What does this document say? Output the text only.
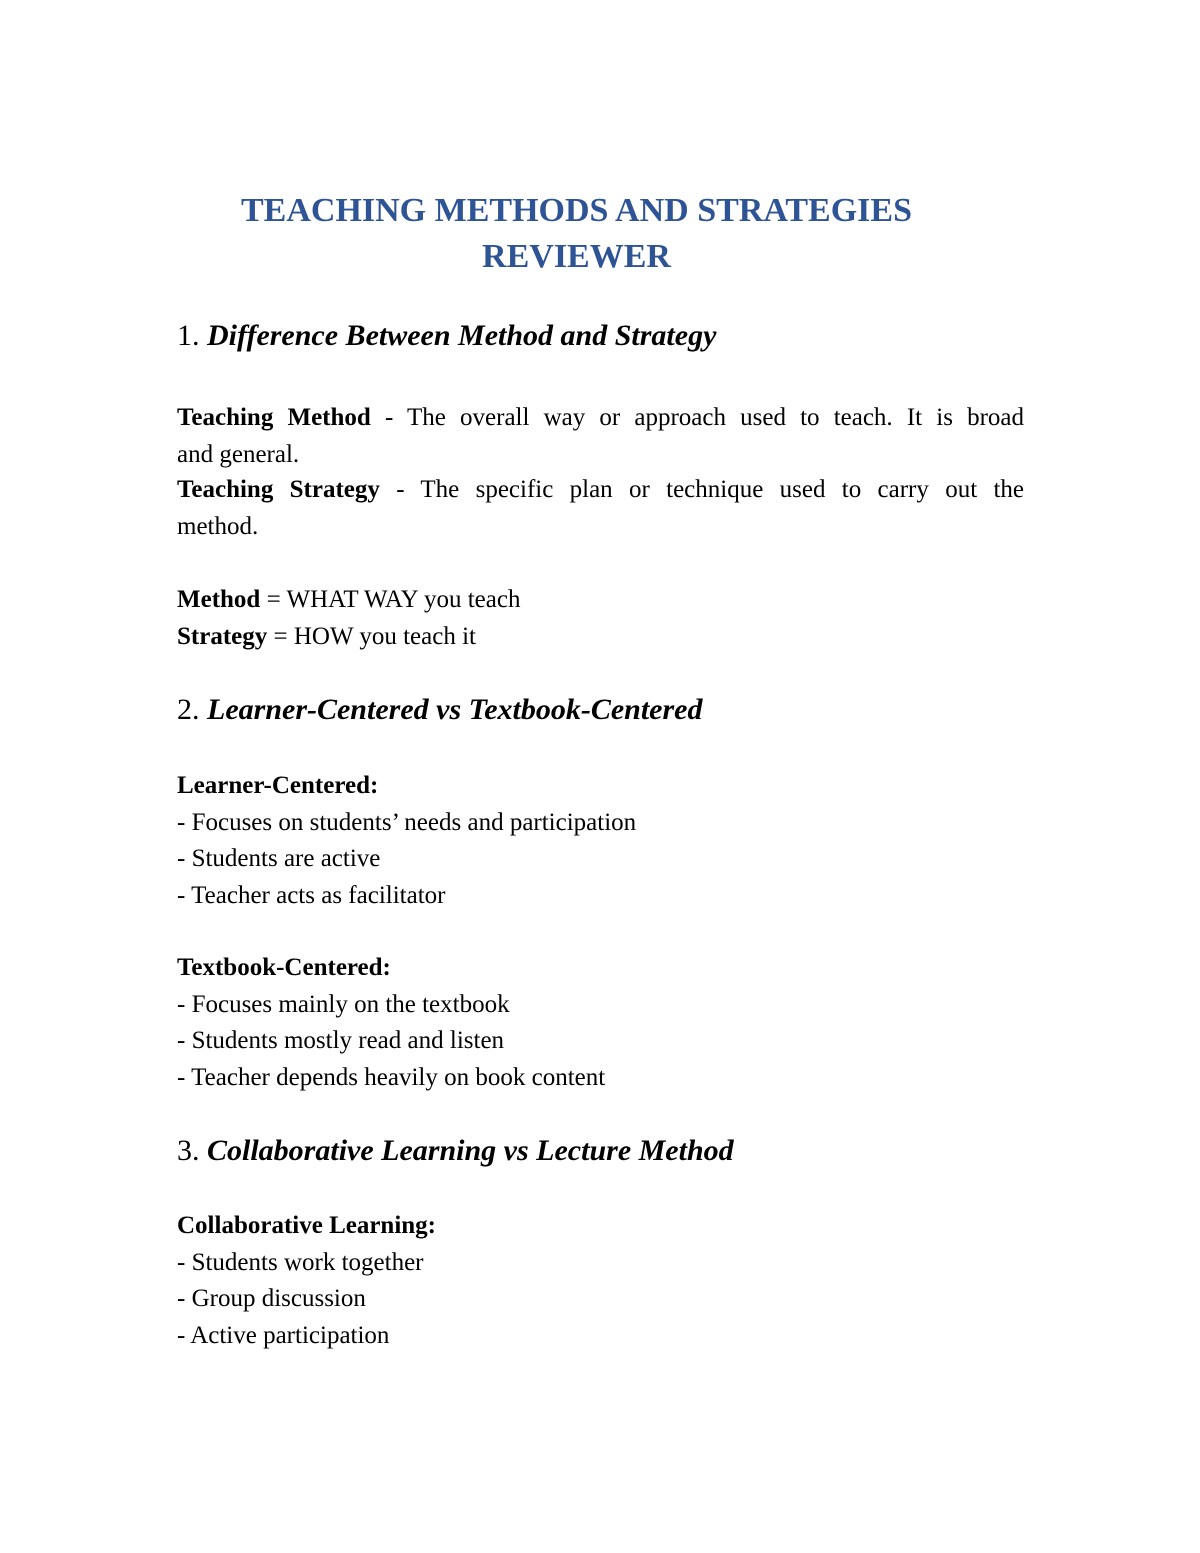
TEACHING METHODS AND STRATEGIES
REVIEWER
1. Difference Between Method and Strategy
Teaching Method - The overall way or approach used to teach. It is broad
and general.
Teaching Strategy - The specific plan or technique used to carry out the
method.
Method = WHAT WAY you teach
Strategy = HOW you teach it
2. Learner-Centered vs Textbook-Centered
Learner-Centered:
- Focuses on students’ needs and participation
- Students are active
- Teacher acts as facilitator
Textbook-Centered:
- Focuses mainly on the textbook
- Students mostly read and listen
- Teacher depends heavily on book content
3. Collaborative Learning vs Lecture Method
Collaborative Learning:
- Students work together
- Group discussion
- Active participation
